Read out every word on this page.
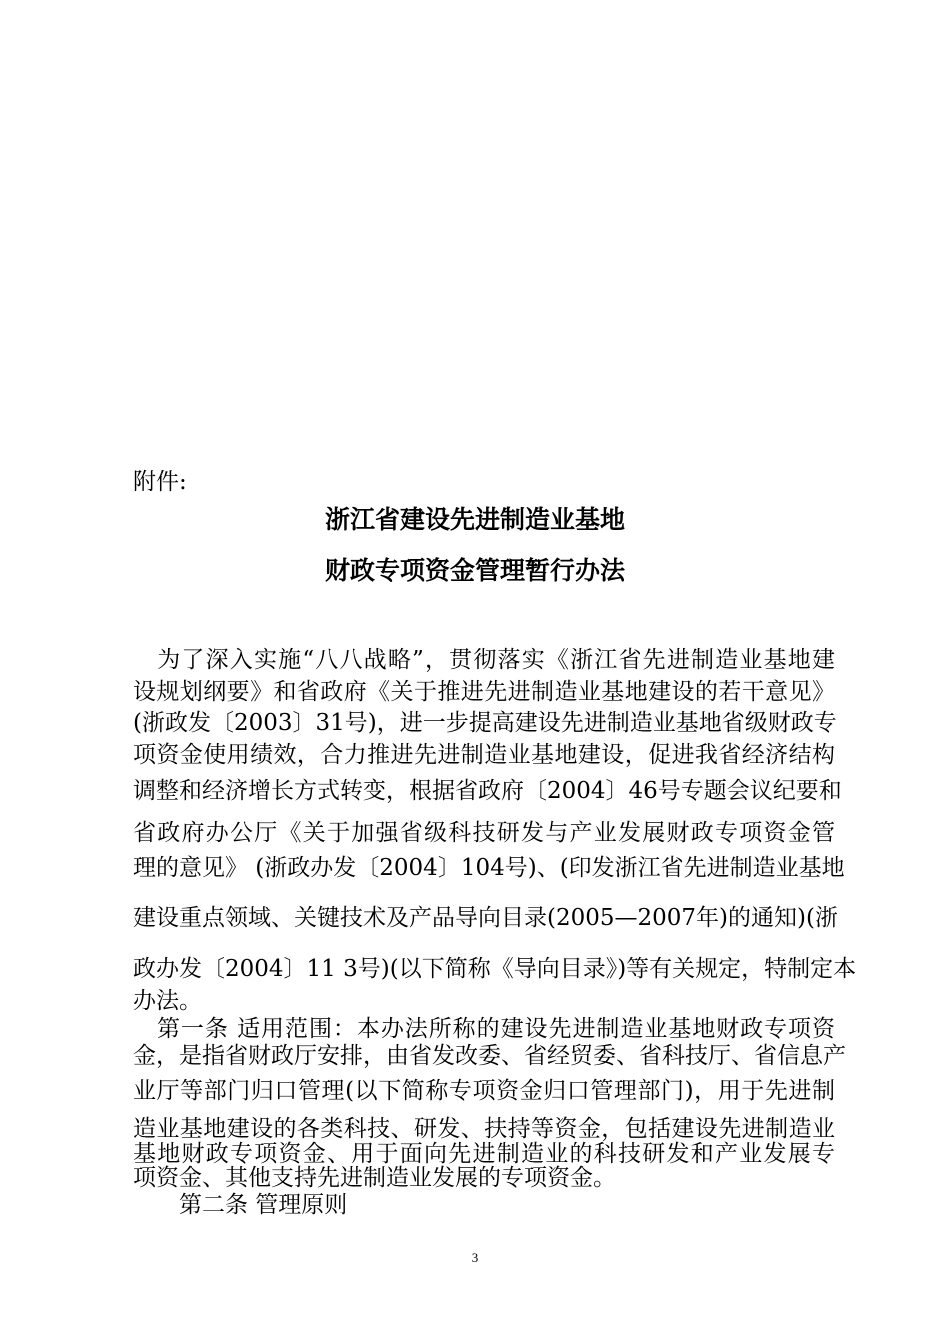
附件:
浙江省建设先进制造业基地
财政专项资金管理暂行办法
　为了深入实施“八八战略”，贯彻落实《浙江省先进制造业基地建
设规划纲要》和省政府《关于推进先进制造业基地建设的若干意见》
(浙政发〔2003〕31号)，进一步提高建设先进制造业基地省级财政专
项资金使用绩效，合力推进先进制造业基地建设，促进我省经济结构
调整和经济增长方式转变，根据省政府〔2004〕46号专题会议纪要和
省政府办公厅《关于加强省级科技研发与产业发展财政专项资金管
理的意见》 (浙政办发〔2004〕104号)、(印发浙江省先进制造业基地
建设重点领域、关键技术及产品导向目录(2005—2007年)的通知)(浙
政办发〔2004〕11 3号)(以下简称《导向目录》)等有关规定，特制定本
办法。
　第一条 适用范围：本办法所称的建设先进制造业基地财政专项资
金，是指省财政厅安排，由省发改委、省经贸委、省科技厅、省信息产
业厅等部门归口管理(以下简称专项资金归口管理部门)，用于先进制
造业基地建设的各类科技、研发、扶持等资金，包括建设先进制造业
基地财政专项资金、用于面向先进制造业的科技研发和产业发展专
项资金、其他支持先进制造业发展的专项资金。
　　第二条 管理原则
3
